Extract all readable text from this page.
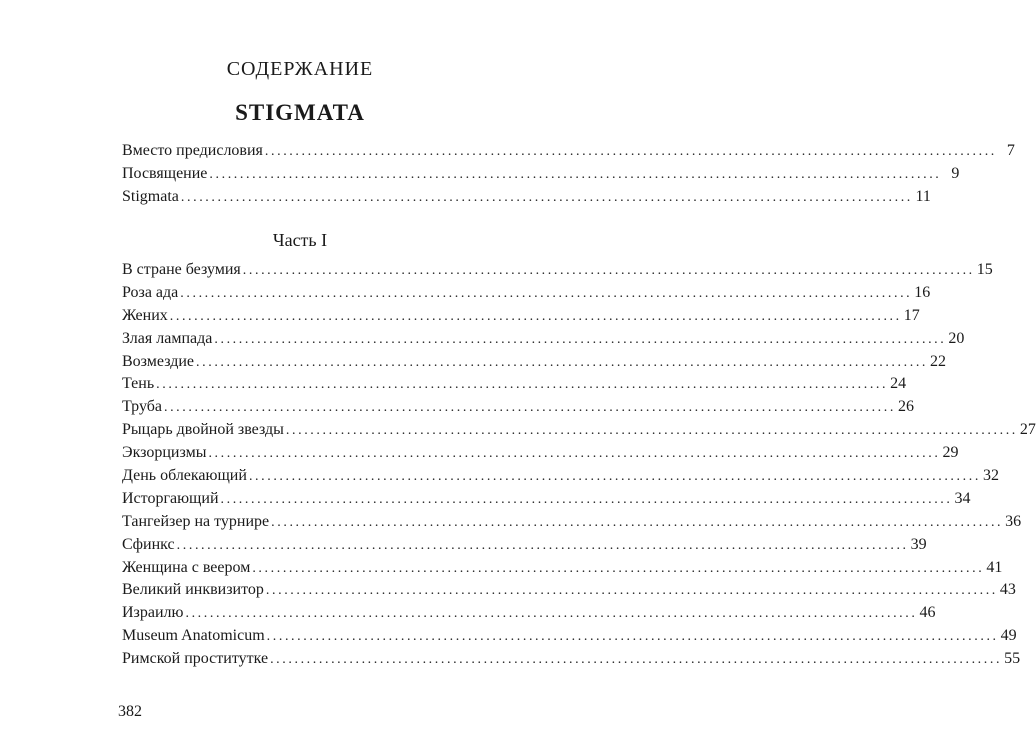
СОДЕРЖАНИЕ
STIGMATA
Вместо предисловия ........................................................................................................................ 7
Посвящение ........................................................................................................................ 9
Stigmata ........................................................................................................................ 11
Часть I
В стране безумия ........................................................................................................................ 15
Роза ада ........................................................................................................................ 16
Жених ........................................................................................................................ 17
Злая лампада ........................................................................................................................ 20
Возмездие ........................................................................................................................ 22
Тень ........................................................................................................................ 24
Труба ........................................................................................................................ 26
Рыцарь двойной звезды ........................................................................................................................ 27
Экзорцизмы ........................................................................................................................ 29
День облекающий ........................................................................................................................ 32
Исторгающий ........................................................................................................................ 34
Тангейзер на турнире ........................................................................................................................ 36
Сфинкс ........................................................................................................................ 39
Женщина с веером ........................................................................................................................ 41
Великий инквизитор ........................................................................................................................ 43
Израилю ........................................................................................................................ 46
Museum Anatomicum ........................................................................................................................ 49
Римской проститутке ........................................................................................................................ 55
382
